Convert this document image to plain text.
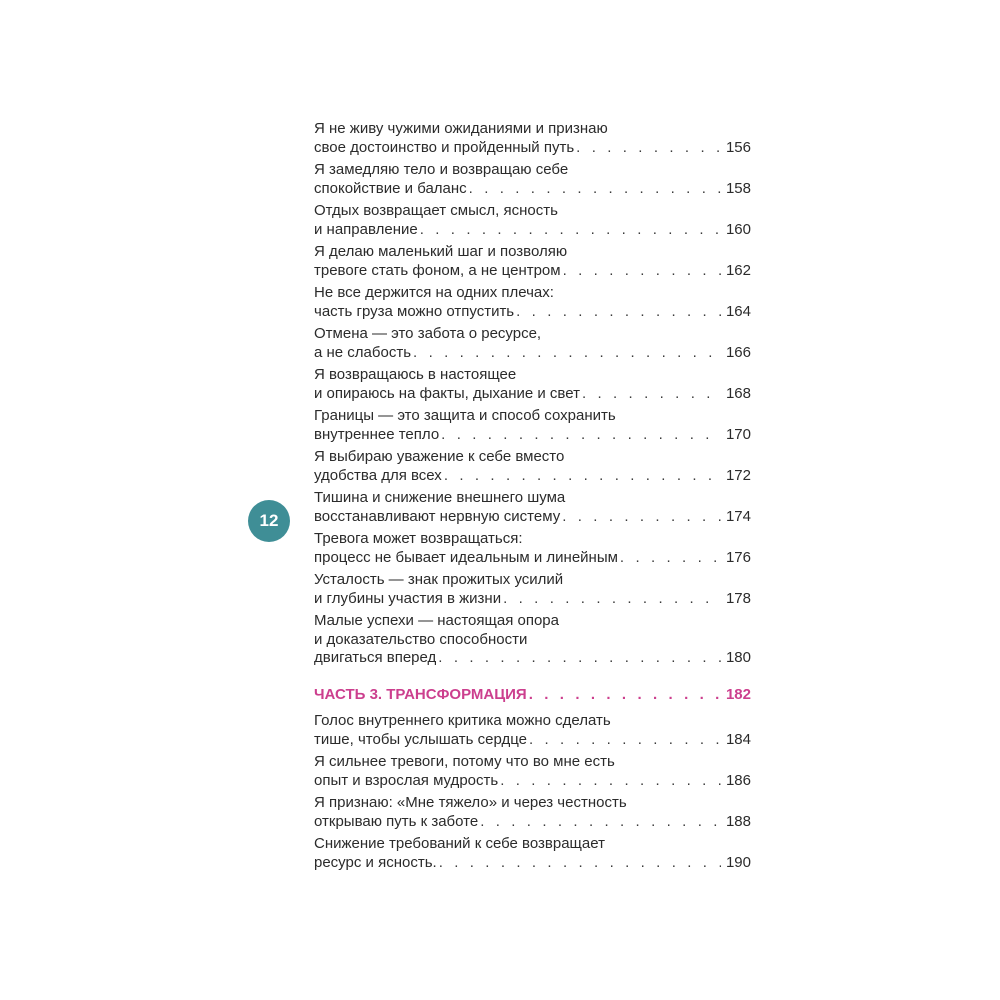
12
Я не живу чужими ожиданиями и признаю
свое достоинство и пройденный путь . . .	156
Я замедляю тело и возвращаю себе
спокойствие и баланс . . .	158
Отдых возвращает смысл, ясность
и направление . . .	160
Я делаю маленький шаг и позволяю
тревоге стать фоном, а не центром . . .	162
Не все держится на одних плечах:
часть груза можно отпустить . . .	164
Отмена — это забота о ресурсе,
а не слабость . . .	166
Я возвращаюсь в настоящее
и опираюсь на факты, дыхание и свет . . .	168
Границы — это защита и способ сохранить
внутреннее тепло . . .	170
Я выбираю уважение к себе вместо
удобства для всех . . .	172
Тишина и снижение внешнего шума
восстанавливают нервную систему . . .	174
Тревога может возвращаться:
процесс не бывает идеальным и линейным . . .	176
Усталость — знак прожитых усилий
и глубины участия в жизни . . .	178
Малые успехи — настоящая опора
и доказательство способности
двигаться вперед . . .	180
ЧАСТЬ 3. ТРАНСФОРМАЦИЯ . . .	182
Голос внутреннего критика можно сделать
тише, чтобы услышать сердце . . .	184
Я сильнее тревоги, потому что во мне есть
опыт и взрослая мудрость . . .	186
Я признаю: «Мне тяжело» и через честность
открываю путь к заботе . . .	188
Снижение требований к себе возвращает
ресурс и ясность. . . .	190
